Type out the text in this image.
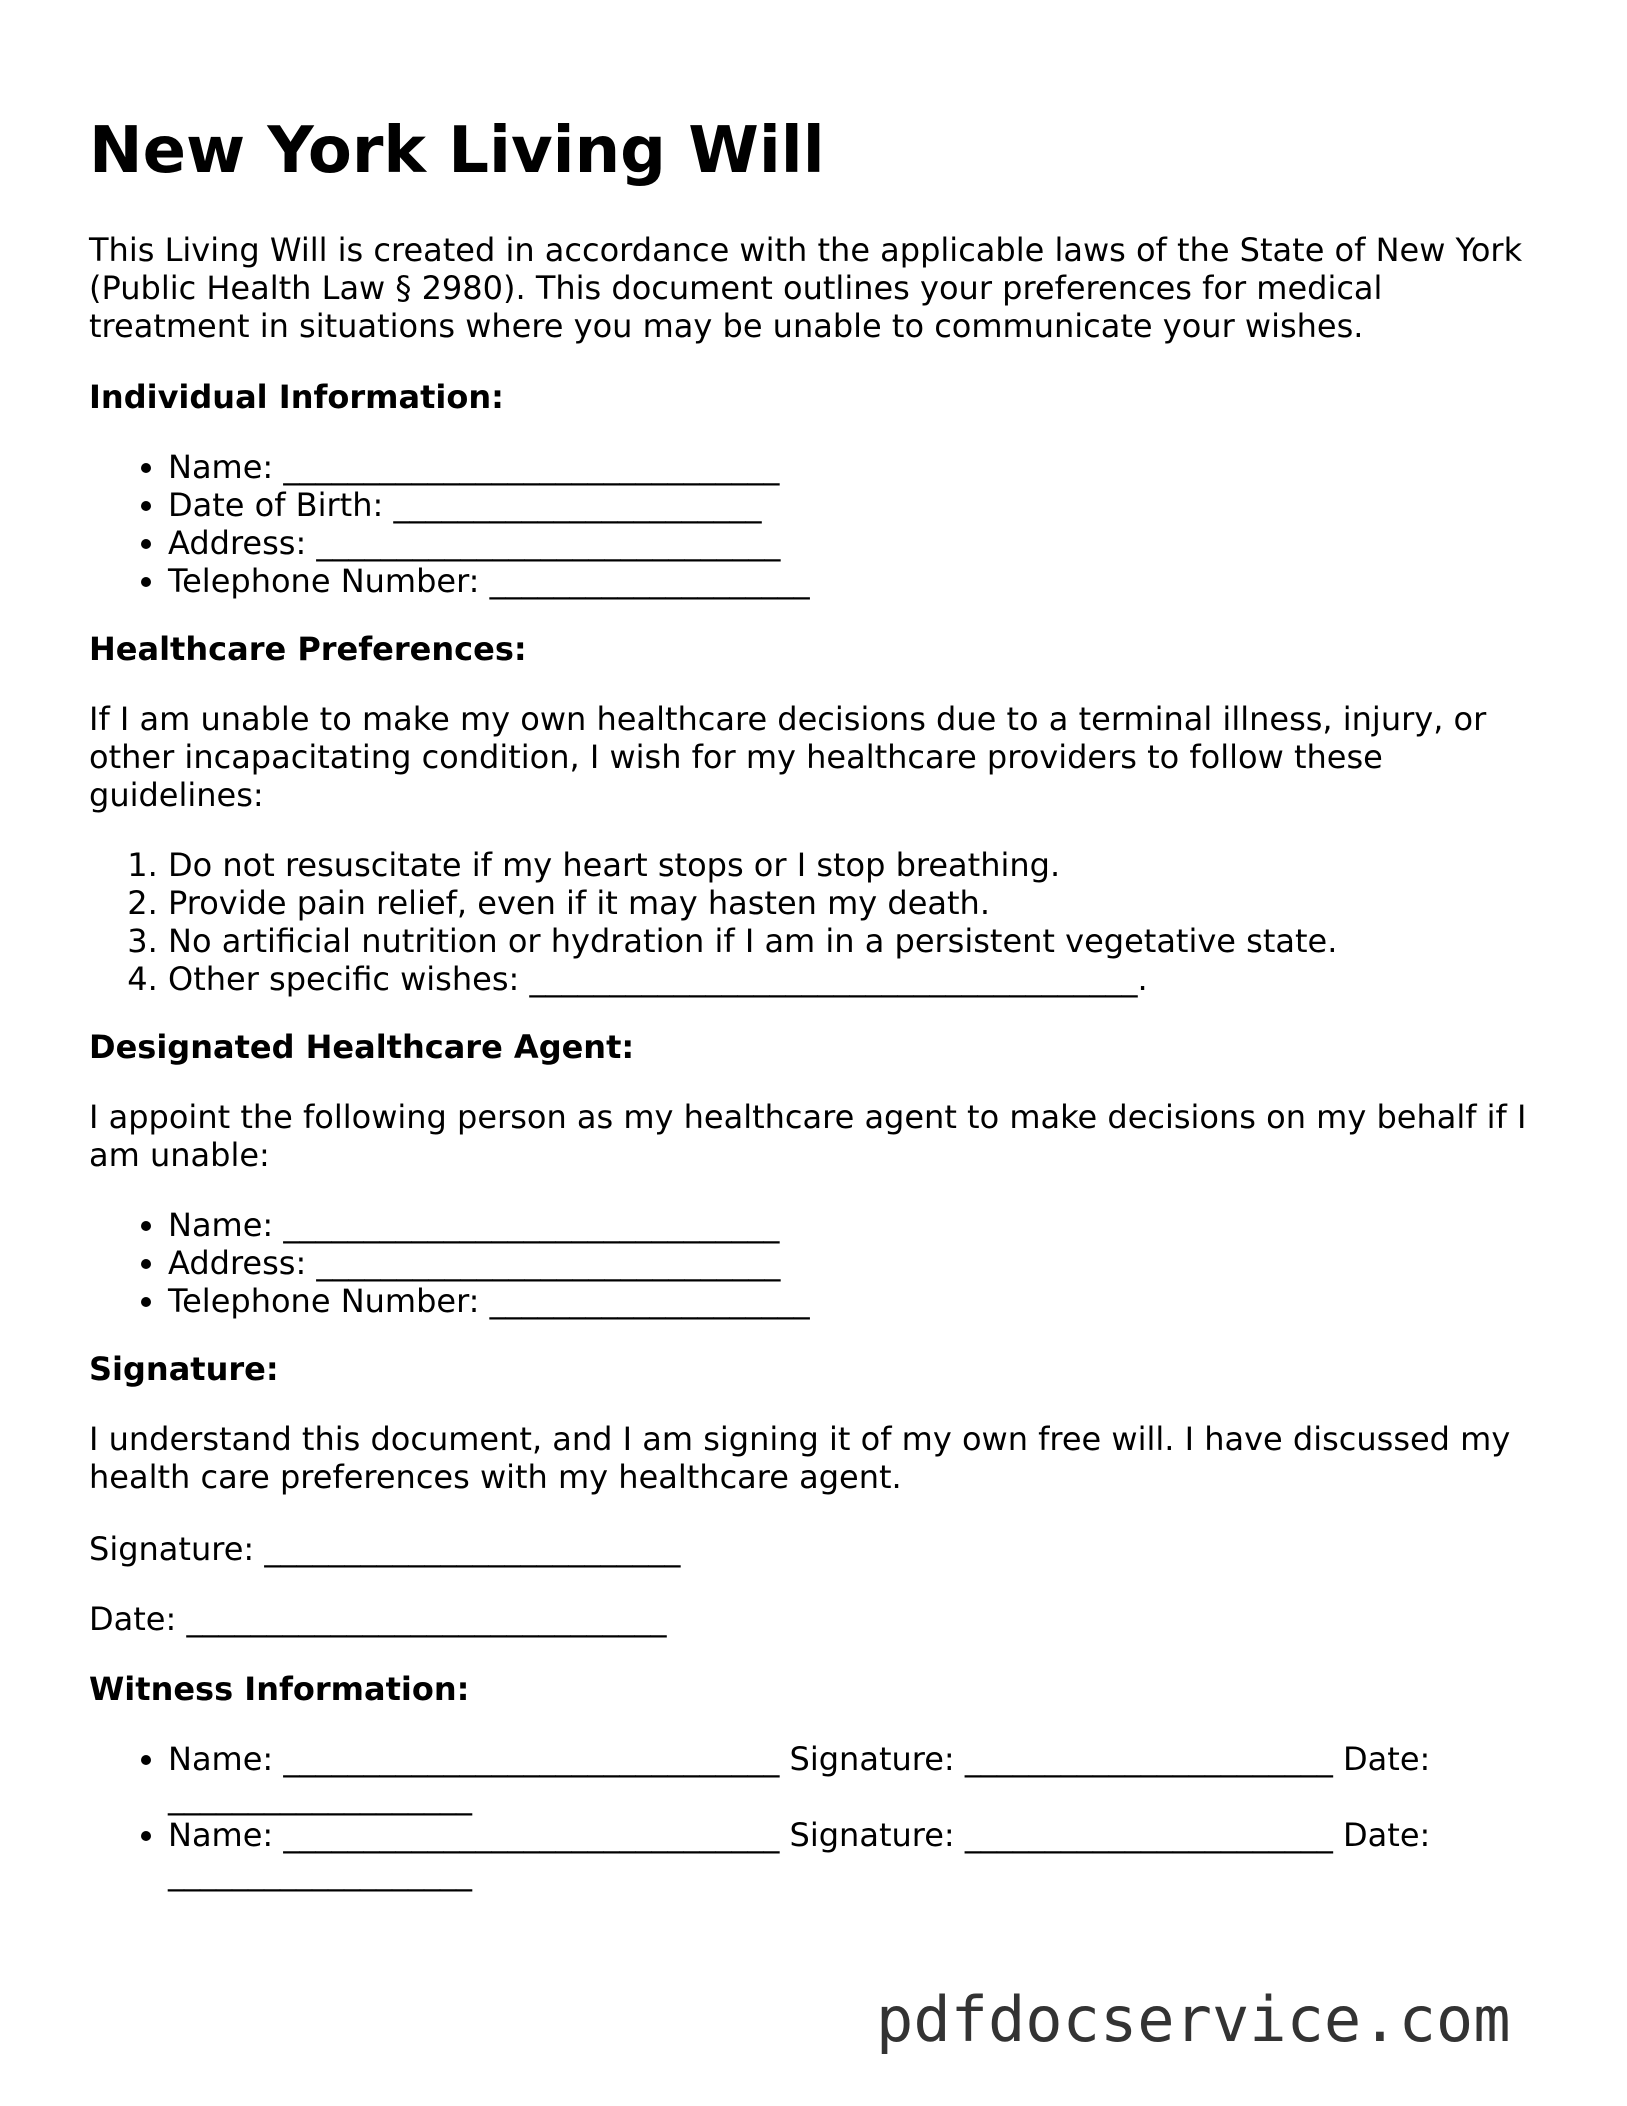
New York Living Will

This Living Will is created in accordance with the applicable laws of the State of New York (Public Health Law § 2980). This document outlines your preferences for medical treatment in situations where you may be unable to communicate your wishes.

Individual Information:

• Name: _______________________________
• Date of Birth: _______________________
• Address: _____________________________
• Telephone Number: ____________________

Healthcare Preferences:

If I am unable to make my own healthcare decisions due to a terminal illness, injury, or other incapacitating condition, I wish for my healthcare providers to follow these guidelines:

1. Do not resuscitate if my heart stops or I stop breathing.
2. Provide pain relief, even if it may hasten my death.
3. No artificial nutrition or hydration if I am in a persistent vegetative state.
4. Other specific wishes: ______________________________________.

Designated Healthcare Agent:

I appoint the following person as my healthcare agent to make decisions on my behalf if I am unable:

• Name: _______________________________
• Address: _____________________________
• Telephone Number: ____________________

Signature:

I understand this document, and I am signing it of my own free will. I have discussed my health care preferences with my healthcare agent.

Signature: __________________________

Date: ______________________________

Witness Information:

• Name: _______________________________ Signature: _______________________ Date: ___________________
• Name: _______________________________ Signature: _______________________ Date: ___________________
pdfdocservice.com
